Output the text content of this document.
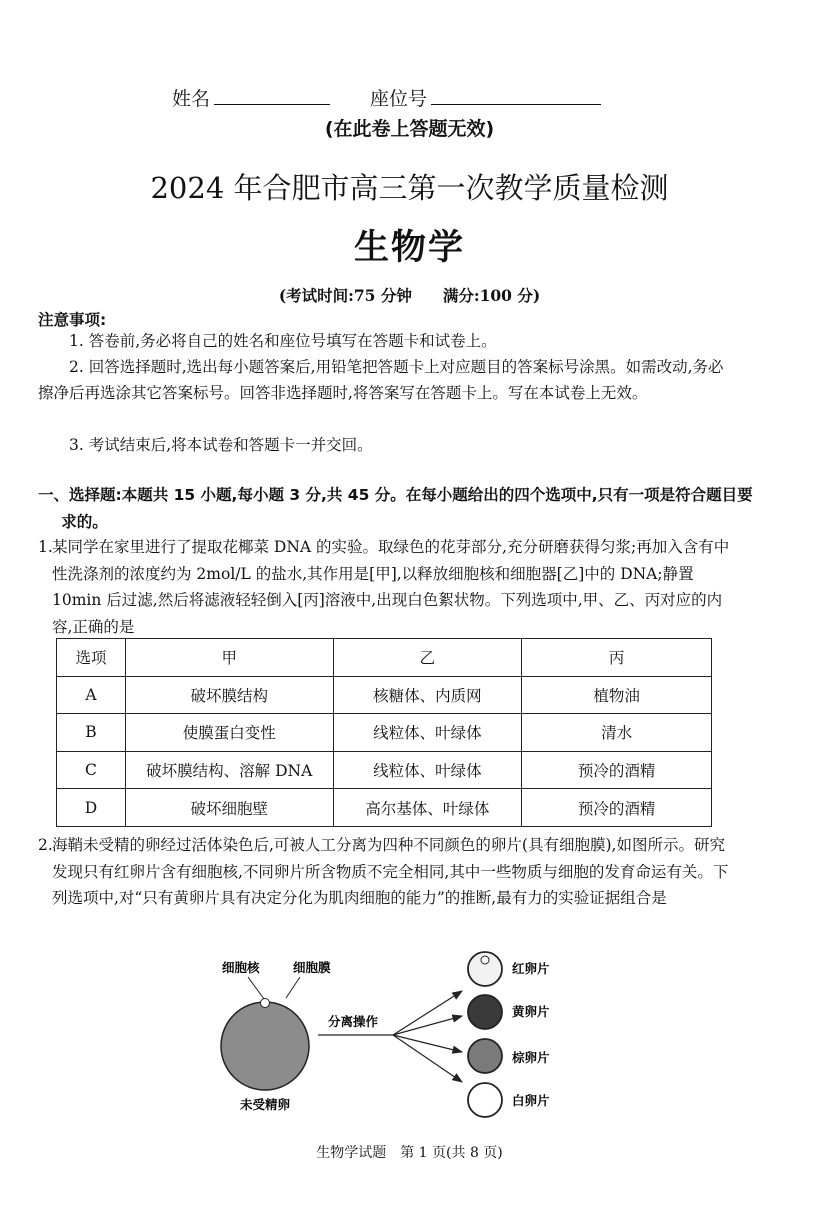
姓名	座位号
(在此卷上答题无效)
2024 年合肥市高三第一次教学质量检测
生物学
(考试时间:75 分钟　　满分:100 分)
注意事项:
1. 答卷前,务必将自己的姓名和座位号填写在答题卡和试卷上。
2. 回答选择题时,选出每小题答案后,用铅笔把答题卡上对应题目的答案标号涂黑。如需改动,务必擦净后再选涂其它答案标号。回答非选择题时,将答案写在答题卡上。写在本试卷上无效。
3. 考试结束后,将本试卷和答题卡一并交回。
一、选择题:本题共 15 小题,每小题 3 分,共 45 分。在每小题给出的四个选项中,只有一项是符合题目要求的。
1. 某同学在家里进行了提取花椰菜 DNA 的实验。取绿色的花芽部分,充分研磨获得匀浆;再加入含有中性洗涤剂的浓度约为 2mol/L 的盐水,其作用是[甲],以释放细胞核和细胞器[乙]中的 DNA;静置 10min 后过滤,然后将滤液轻轻倒入[丙]溶液中,出现白色絮状物。下列选项中,甲、乙、丙对应的内容,正确的是
选项	甲	乙	丙
A	破坏膜结构	核糖体、内质网	植物油
B	使膜蛋白变性	线粒体、叶绿体	清水
C	破坏膜结构、溶解 DNA	线粒体、叶绿体	预冷的酒精
D	破坏细胞壁	高尔基体、叶绿体	预冷的酒精
2. 海鞘未受精的卵经过活体染色后,可被人工分离为四种不同颜色的卵片(具有细胞膜),如图所示。研究发现只有红卵片含有细胞核,不同卵片所含物质不完全相同,其中一些物质与细胞的发育命运有关。下列选项中,对“只有黄卵片具有决定分化为肌肉细胞的能力”的推断,最有力的实验证据组合是
细胞核	细胞膜
未受精卵
分离操作
红卵片
黄卵片
棕卵片
白卵片
生物学试题　第 1 页(共 8 页)
